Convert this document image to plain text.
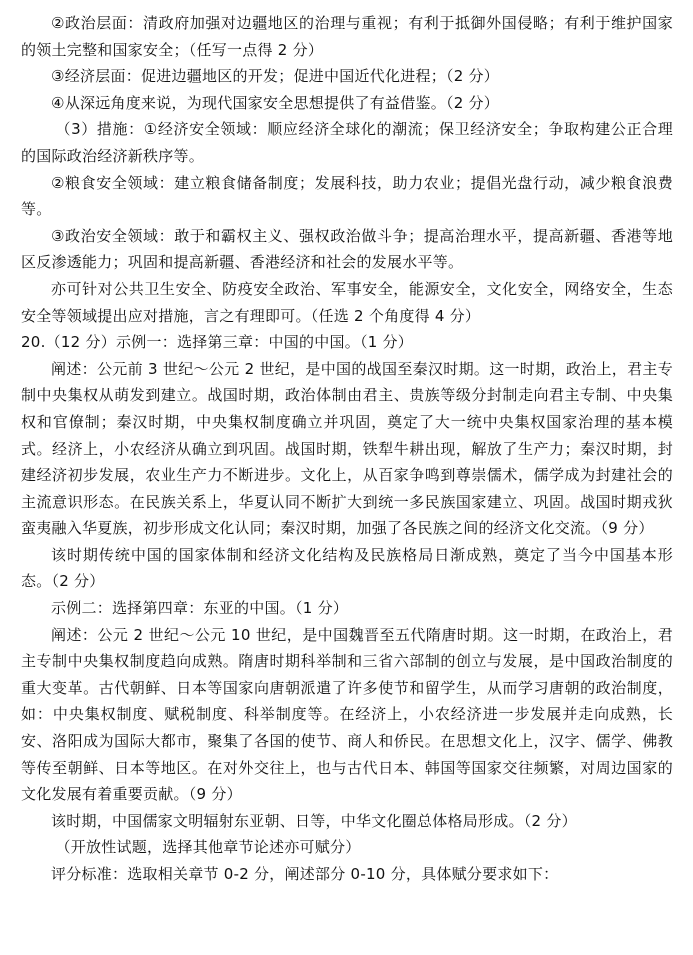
②政治层面：清政府加强对边疆地区的治理与重视；有利于抵御外国侵略；有利于维护国家的领土完整和国家安全；（任写一点得 2 分）

③经济层面：促进边疆地区的开发；促进中国近代化进程；（2 分）

④从深远角度来说，为现代国家安全思想提供了有益借鉴。（2 分）

（3）措施：①经济安全领域：顺应经济全球化的潮流；保卫经济安全；争取构建公正合理的国际政治经济新秩序等。

②粮食安全领域：建立粮食储备制度；发展科技，助力农业；提倡光盘行动，减少粮食浪费等。

③政治安全领域：敢于和霸权主义、强权政治做斗争；提高治理水平，提高新疆、香港等地区反渗透能力；巩固和提高新疆、香港经济和社会的发展水平等。

亦可针对公共卫生安全、防疫安全政治、军事安全，能源安全，文化安全，网络安全，生态安全等领域提出应对措施，言之有理即可。（任选 2 个角度得 4 分）

20.（12 分）示例一：选择第三章：中国的中国。（1 分）

阐述：公元前 3 世纪～公元 2 世纪，是中国的战国至秦汉时期。这一时期，政治上，君主专制中央集权从萌发到建立。战国时期，政治体制由君主、贵族等级分封制走向君主专制、中央集权和官僚制；秦汉时期，中央集权制度确立并巩固，奠定了大一统中央集权国家治理的基本模式。经济上，小农经济从确立到巩固。战国时期，铁犁牛耕出现，解放了生产力；秦汉时期，封建经济初步发展，农业生产力不断进步。文化上，从百家争鸣到尊崇儒术，儒学成为封建社会的主流意识形态。在民族关系上，华夏认同不断扩大到统一多民族国家建立、巩固。战国时期戎狄蛮夷融入华夏族，初步形成文化认同；秦汉时期，加强了各民族之间的经济文化交流。（9 分）

该时期传统中国的国家体制和经济文化结构及民族格局日渐成熟，奠定了当今中国基本形态。（2 分）

示例二：选择第四章：东亚的中国。（1 分）

阐述：公元 2 世纪～公元 10 世纪，是中国魏晋至五代隋唐时期。这一时期，在政治上，君主专制中央集权制度趋向成熟。隋唐时期科举制和三省六部制的创立与发展，是中国政治制度的重大变革。古代朝鲜、日本等国家向唐朝派遣了许多使节和留学生，从而学习唐朝的政治制度，如：中央集权制度、赋税制度、科举制度等。在经济上，小农经济进一步发展并走向成熟，长安、洛阳成为国际大都市，聚集了各国的使节、商人和侨民。在思想文化上，汉字、儒学、佛教等传至朝鲜、日本等地区。在对外交往上，也与古代日本、韩国等国家交往频繁，对周边国家的文化发展有着重要贡献。（9 分）

该时期，中国儒家文明辐射东亚朝、日等，中华文化圈总体格局形成。（2 分）

（开放性试题，选择其他章节论述亦可赋分）

评分标准：选取相关章节 0-2 分，阐述部分 0-10 分，具体赋分要求如下：
